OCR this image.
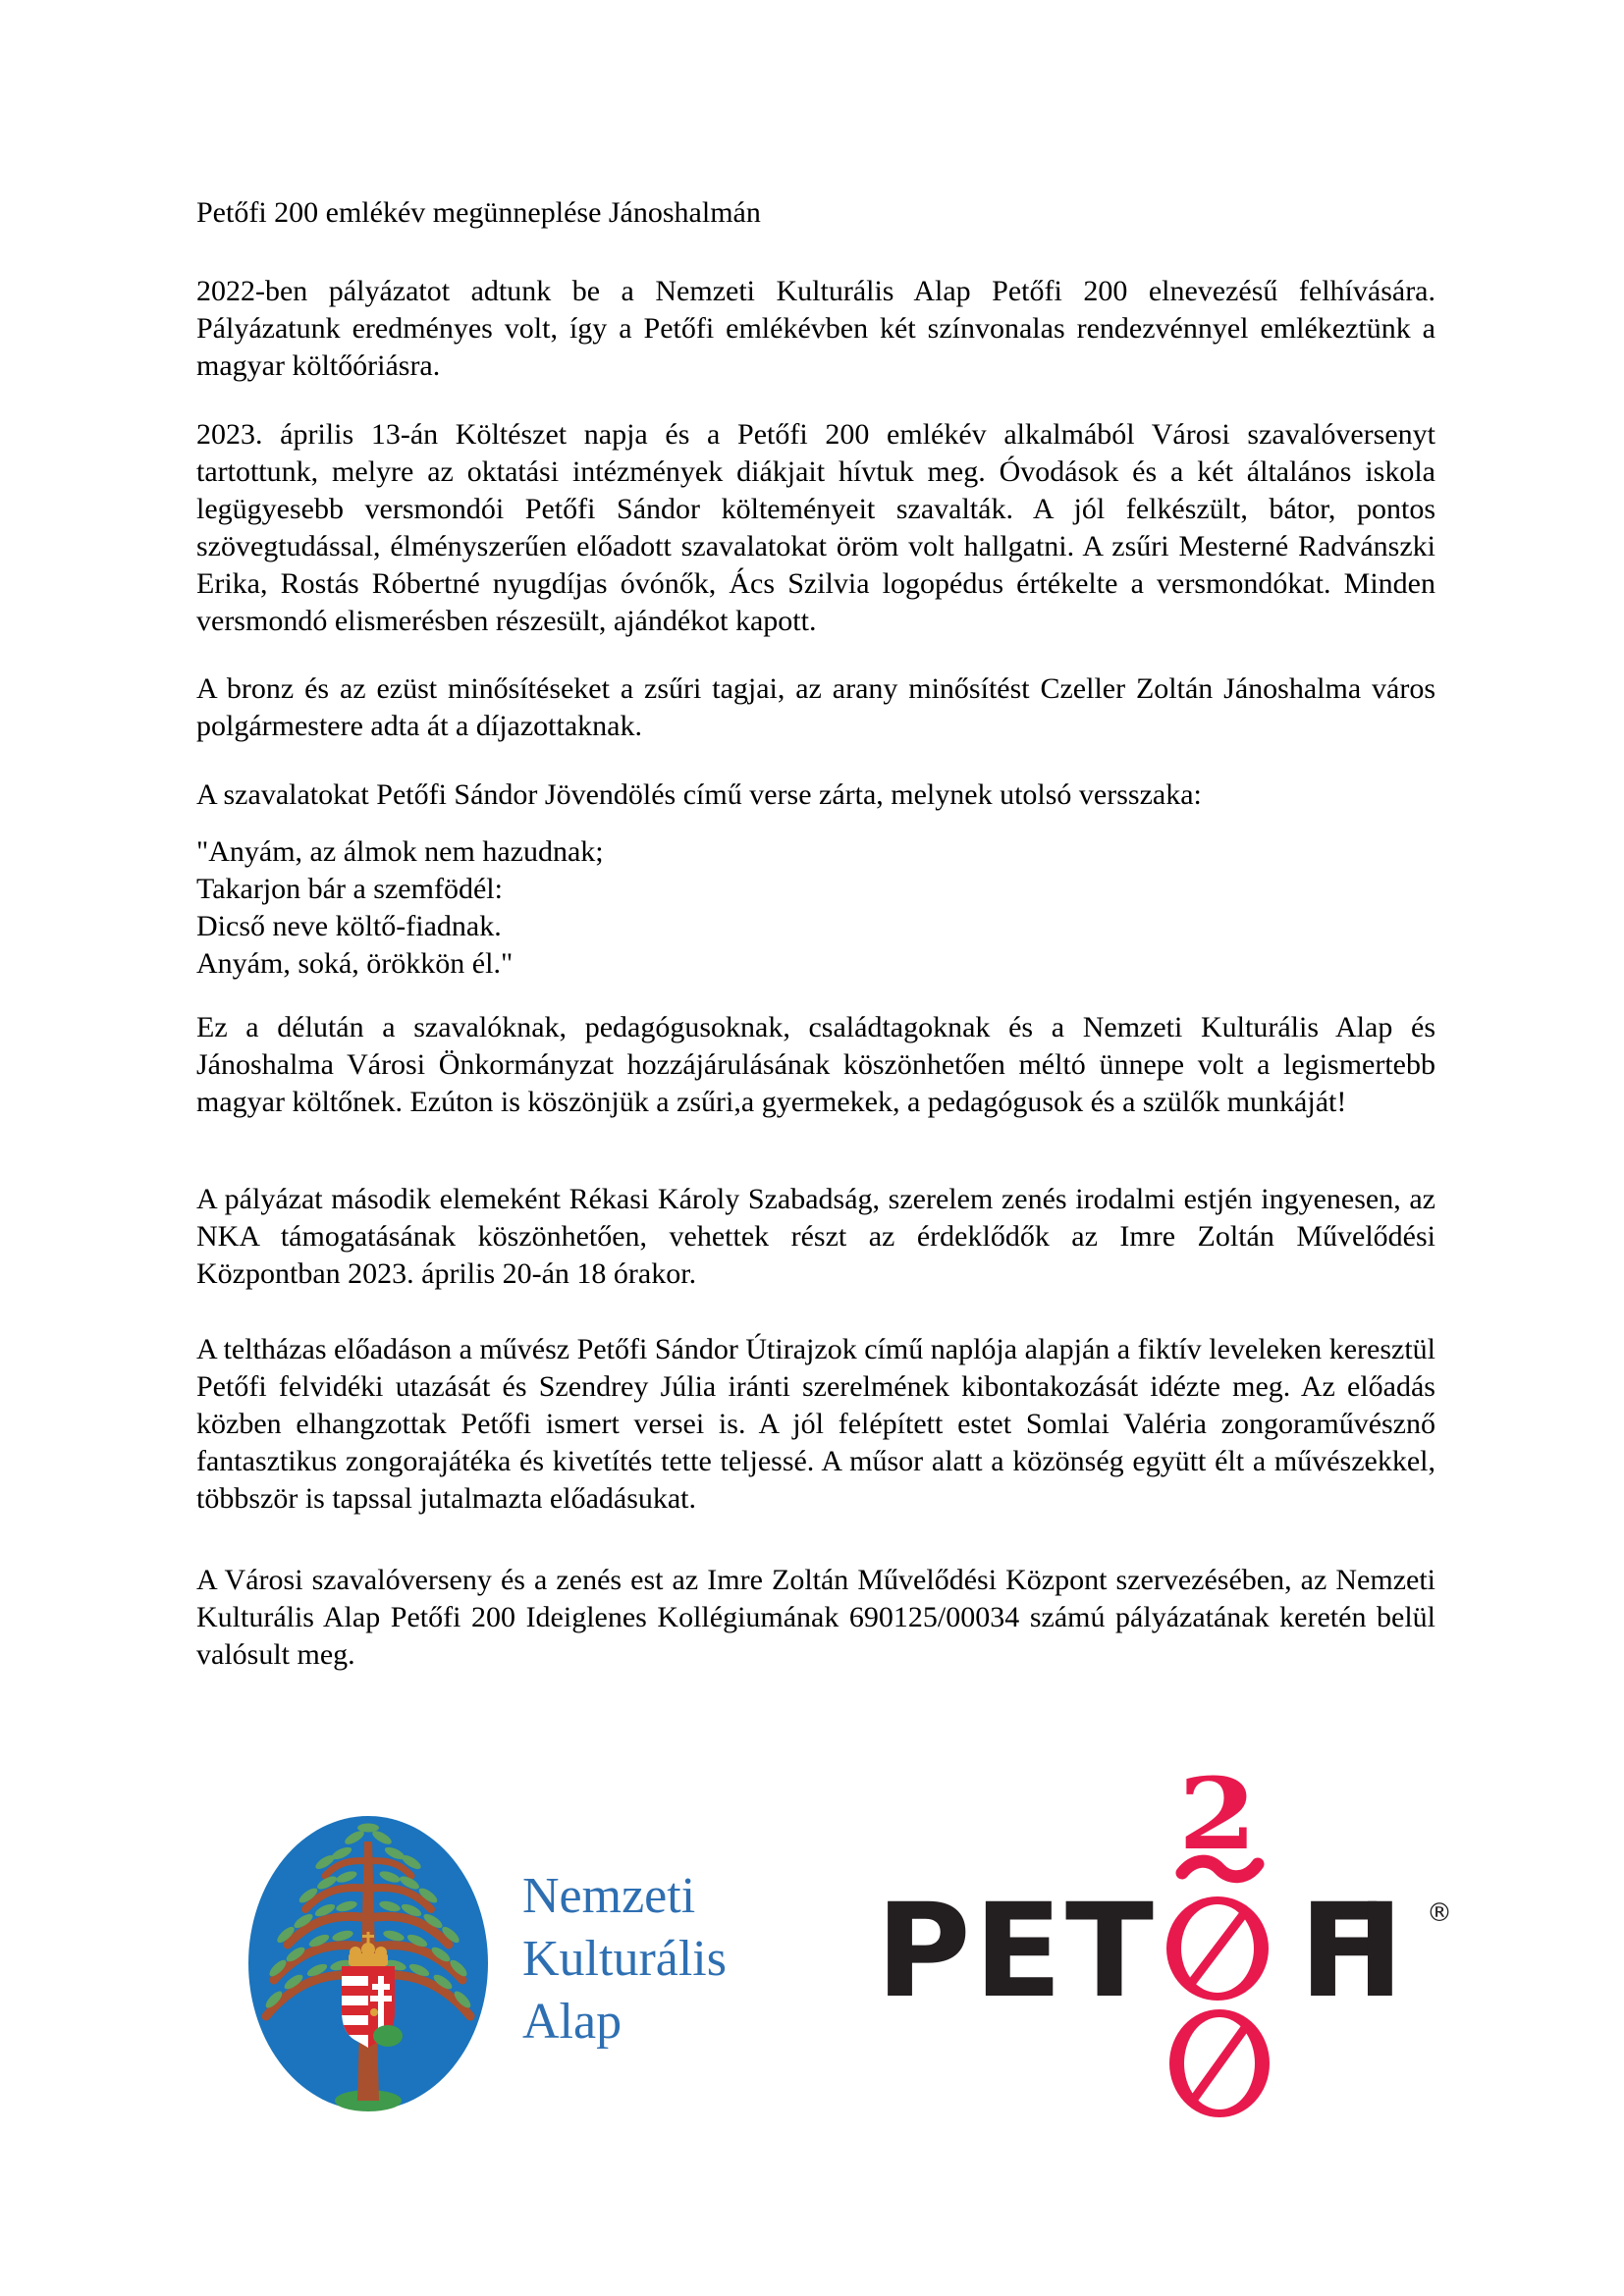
Petőfi 200 emlékév megünneplése Jánoshalmán

2022-ben pályázatot adtunk be a Nemzeti Kulturális Alap Petőfi 200 elnevezésű felhívására. Pályázatunk eredményes volt, így a Petőfi emlékévben két színvonalas rendezvénnyel emlékeztünk a magyar költőóriásra.

2023. április 13-án Költészet napja és a Petőfi 200 emlékév alkalmából Városi szavalóversenyt tartottunk, melyre az oktatási intézmények diákjait hívtuk meg. Óvodások és a két általános iskola legügyesebb versmondói Petőfi Sándor költeményeit szavalták. A jól felkészült, bátor, pontos szövegtudással, élményszerűen előadott szavalatokat öröm volt hallgatni. A zsűri Mesterné Radvánszki Erika, Rostás Róbertné nyugdíjas óvónők, Ács Szilvia logopédus értékelte a versmondókat. Minden versmondó elismerésben részesült, ajándékot kapott.

A bronz és az ezüst minősítéseket a zsűri tagjai, az arany minősítést Czeller Zoltán Jánoshalma város polgármestere adta át a díjazottaknak.

A szavalatokat Petőfi Sándor Jövendölés című verse zárta, melynek utolsó versszaka:

"Anyám, az álmok nem hazudnak;
Takarjon bár a szemfödél:
Dicső neve költő-fiadnak.
Anyám, soká, örökkön él."

Ez a délután a szavalóknak, pedagógusoknak, családtagoknak és a Nemzeti Kulturális Alap és Jánoshalma Városi Önkormányzat hozzájárulásának köszönhetően méltó ünnepe volt a legismertebb magyar költőnek. Ezúton is köszönjük a zsűri,a gyermekek, a pedagógusok és a szülők munkáját!

A pályázat második elemeként Rékasi Károly Szabadság, szerelem zenés irodalmi estjén ingyenesen, az NKA támogatásának köszönhetően, vehettek részt az érdeklődők az Imre Zoltán Művelődési Központban 2023. április 20-án 18 órakor.

A teltházas előadáson a művész Petőfi Sándor Útirajzok című naplója alapján a fiktív leveleken keresztül Petőfi felvidéki utazását és Szendrey Júlia iránti szerelmének kibontakozását idézte meg. Az előadás közben elhangzottak Petőfi ismert versei is. A jól felépített estet Somlai Valéria zongoraművésznő fantasztikus zongorajátéka és kivetítés tette teljessé. A műsor alatt a közönség együtt élt a művészekkel, többször is tapssal jutalmazta előadásukat.

A Városi szavalóverseny és a zenés est az Imre Zoltán Művelődési Központ szervezésében, az Nemzeti Kulturális Alap Petőfi 200 Ideiglenes Kollégiumának 690125/00034 számú pályázatának keretén belül valósult meg.

Nemzeti
Kulturális
Alap	PET FI ®
2
